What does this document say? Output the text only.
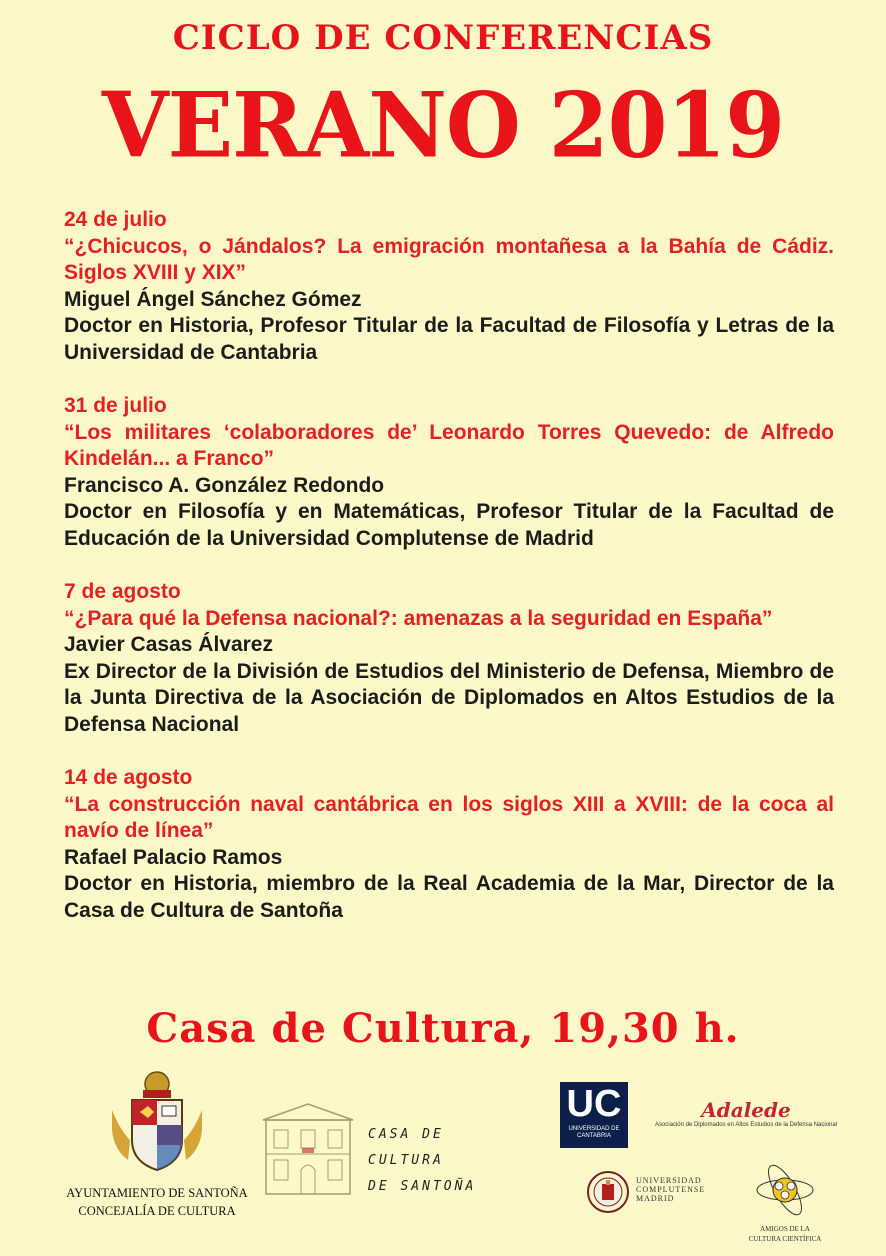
CICLO DE CONFERENCIAS
VERANO 2019
24 de julio
“¿Chicucos, o Jándalos? La emigración montañesa a la Bahía de Cádiz. Siglos XVIII y XIX”
Miguel Ángel Sánchez Gómez
Doctor en Historia, Profesor Titular de la Facultad de Filosofía y Letras de la Universidad de Cantabria
31 de julio
“Los militares ‘colaboradores de’ Leonardo Torres Quevedo: de Alfredo Kindelán... a Franco”
Francisco A. González Redondo
Doctor en Filosofía y en Matemáticas, Profesor Titular de la Facultad de Educación de la Universidad Complutense de Madrid
7 de agosto
“¿Para qué la Defensa nacional?: amenazas a la seguridad en España”
Javier Casas Álvarez
Ex Director de la División de Estudios del Ministerio de Defensa, Miembro de la Junta Directiva de la Asociación de Diplomados en Altos Estudios de la Defensa Nacional
14 de agosto
“La construcción naval cantábrica en los siglos XIII a XVIII: de la coca al navío de línea”
Rafael Palacio Ramos
Doctor en Historia, miembro de la Real Academia de la Mar, Director de la Casa de Cultura de Santoña
Casa de Cultura, 19,30 h.
AYUNTAMIENTO DE SANTOÑA
CONCEJALÍA DE CULTURA
CASA DE CULTURA
DE SANTOÑA
UC
UNIVERSIDAD DE CANTABRIA
Adalede
Asociación de Diplomados en Altos Estudios de la Defensa Nacional
UNIVERSIDAD
COMPLUTENSE
MADRID
AMIGOS DE LA
CULTURA CIENTÍFICA
